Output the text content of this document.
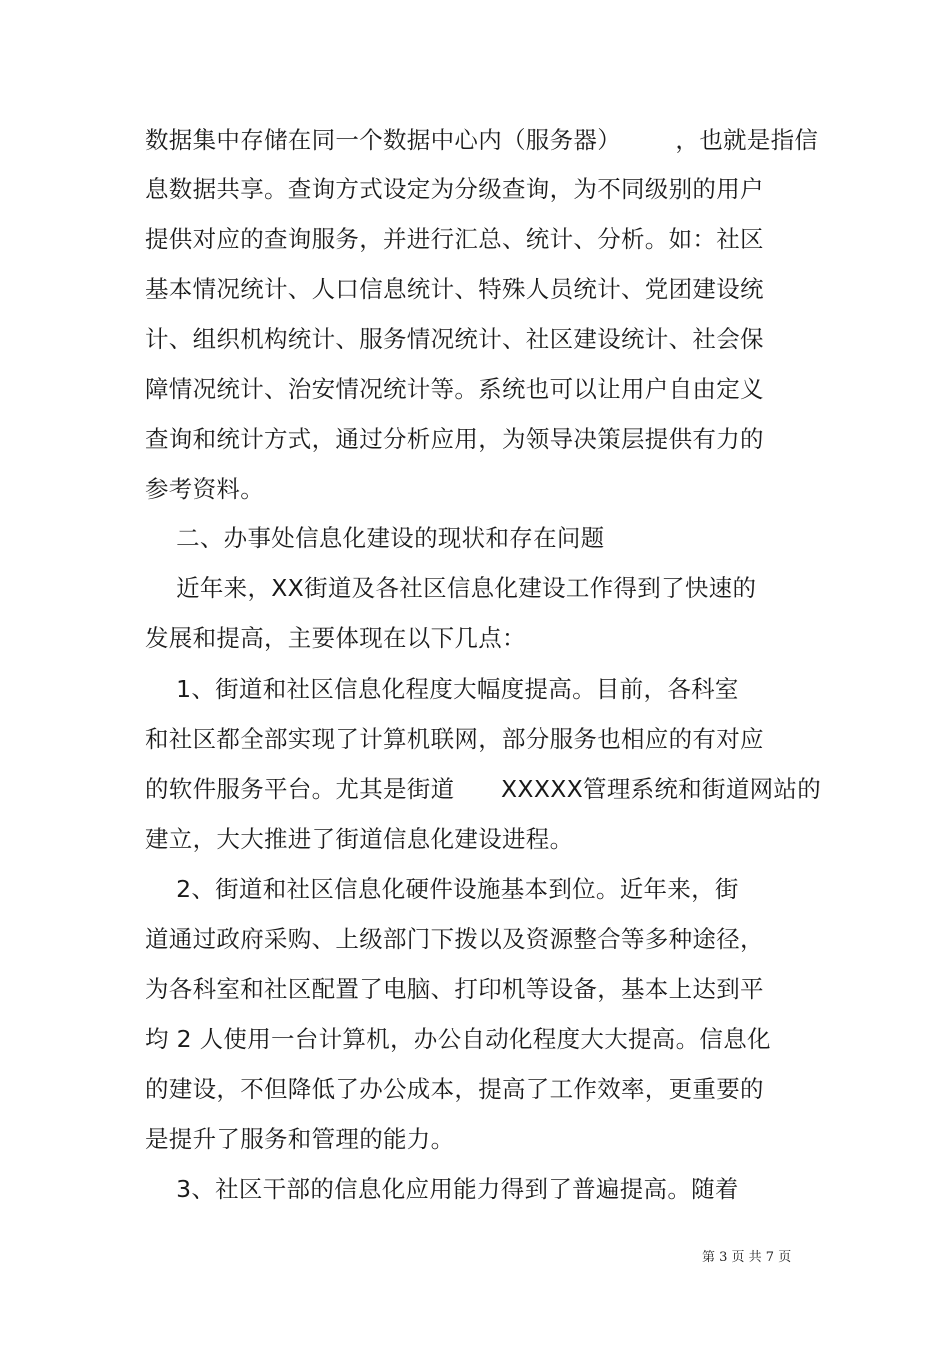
数据集中存储在同一个数据中心内（服务器）       ，也就是指信
息数据共享。查询方式设定为分级查询，为不同级别的用户
提供对应的查询服务，并进行汇总、统计、分析。如：社区
基本情况统计、人口信息统计、特殊人员统计、党团建设统
计、组织机构统计、服务情况统计、社区建设统计、社会保
障情况统计、治安情况统计等。系统也可以让用户自由定义
查询和统计方式，通过分析应用，为领导决策层提供有力的
参考资料。
二、办事处信息化建设的现状和存在问题
近年来，XX街道及各社区信息化建设工作得到了快速的
发展和提高，主要体现在以下几点：
1、街道和社区信息化程度大幅度提高。目前，各科室
和社区都全部实现了计算机联网，部分服务也相应的有对应
的软件服务平台。尤其是街道      XXXXX管理系统和街道网站的
建立，大大推进了街道信息化建设进程。
2、街道和社区信息化硬件设施基本到位。近年来，街
道通过政府采购、上级部门下拨以及资源整合等多种途径，
为各科室和社区配置了电脑、打印机等设备，基本上达到平
均 2 人使用一台计算机，办公自动化程度大大提高。信息化
的建设，不但降低了办公成本，提高了工作效率，更重要的
是提升了服务和管理的能力。
3、社区干部的信息化应用能力得到了普遍提高。随着
第 3 页 共 7 页
